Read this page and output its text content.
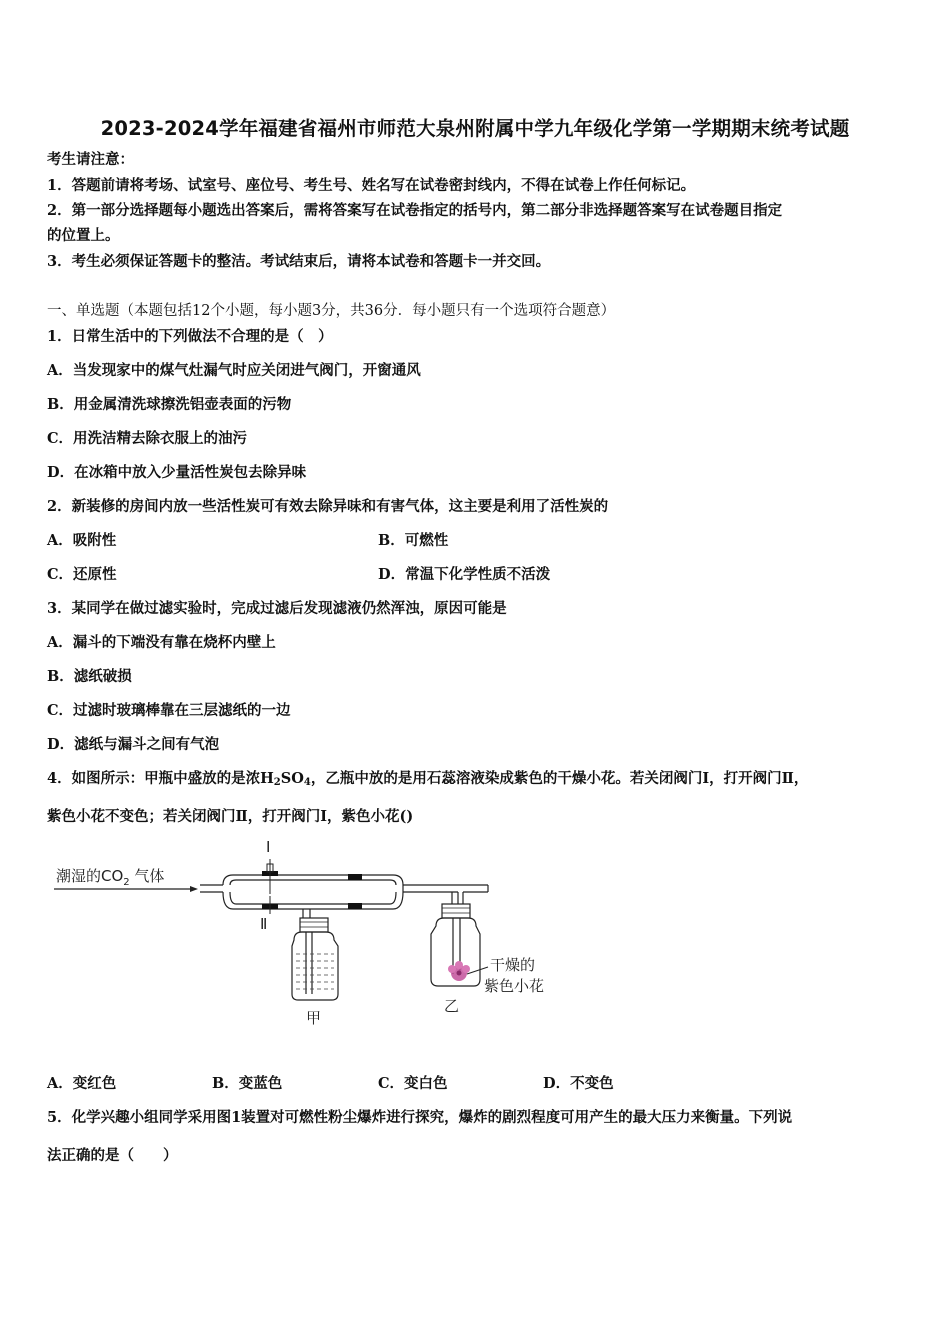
2023-2024学年福建省福州市师范大泉州附属中学九年级化学第一学期期末统考试题
考生请注意：
1．答题前请将考场、试室号、座位号、考生号、姓名写在试卷密封线内，不得在试卷上作任何标记。
2．第一部分选择题每小题选出答案后，需将答案写在试卷指定的括号内，第二部分非选择题答案写在试卷题目指定
的位置上。
3．考生必须保证答题卡的整洁。考试结束后，请将本试卷和答题卡一并交回。
一、单选题（本题包括12个小题，每小题3分，共36分．每小题只有一个选项符合题意）
1．日常生活中的下列做法不合理的是（　）
A．当发现家中的煤气灶漏气时应关闭进气阀门，开窗通风
B．用金属清洗球擦洗铝壶表面的污物
C．用洗洁精去除衣服上的油污
D．在冰箱中放入少量活性炭包去除异味
2．新装修的房间内放一些活性炭可有效去除异味和有害气体，这主要是利用了活性炭的
A．吸附性	B．可燃性
C．还原性	D．常温下化学性质不活泼
3．某同学在做过滤实验时，完成过滤后发现滤液仍然浑浊，原因可能是
A．漏斗的下端没有靠在烧杯内壁上
B．滤纸破损
C．过滤时玻璃棒靠在三层滤纸的一边
D．滤纸与漏斗之间有气泡
4．如图所示：甲瓶中盛放的是浓$H_2SO_4$，乙瓶中放的是用石蕊溶液染成紫色的干燥小花。若关闭阀门Ⅰ，打开阀门Ⅱ，
紫色小花不变色；若关闭阀门Ⅱ，打开阀门Ⅰ，紫色小花()
潮湿的$CO_2$ 气体
Ⅰ
Ⅱ
甲
干燥的
紫色小花
乙
A．变红色	B．变蓝色	C．变白色	D．不变色
5．化学兴趣小组同学采用图1装置对可燃性粉尘爆炸进行探究，爆炸的剧烈程度可用产生的最大压力来衡量。下列说
法正确的是（　　）
